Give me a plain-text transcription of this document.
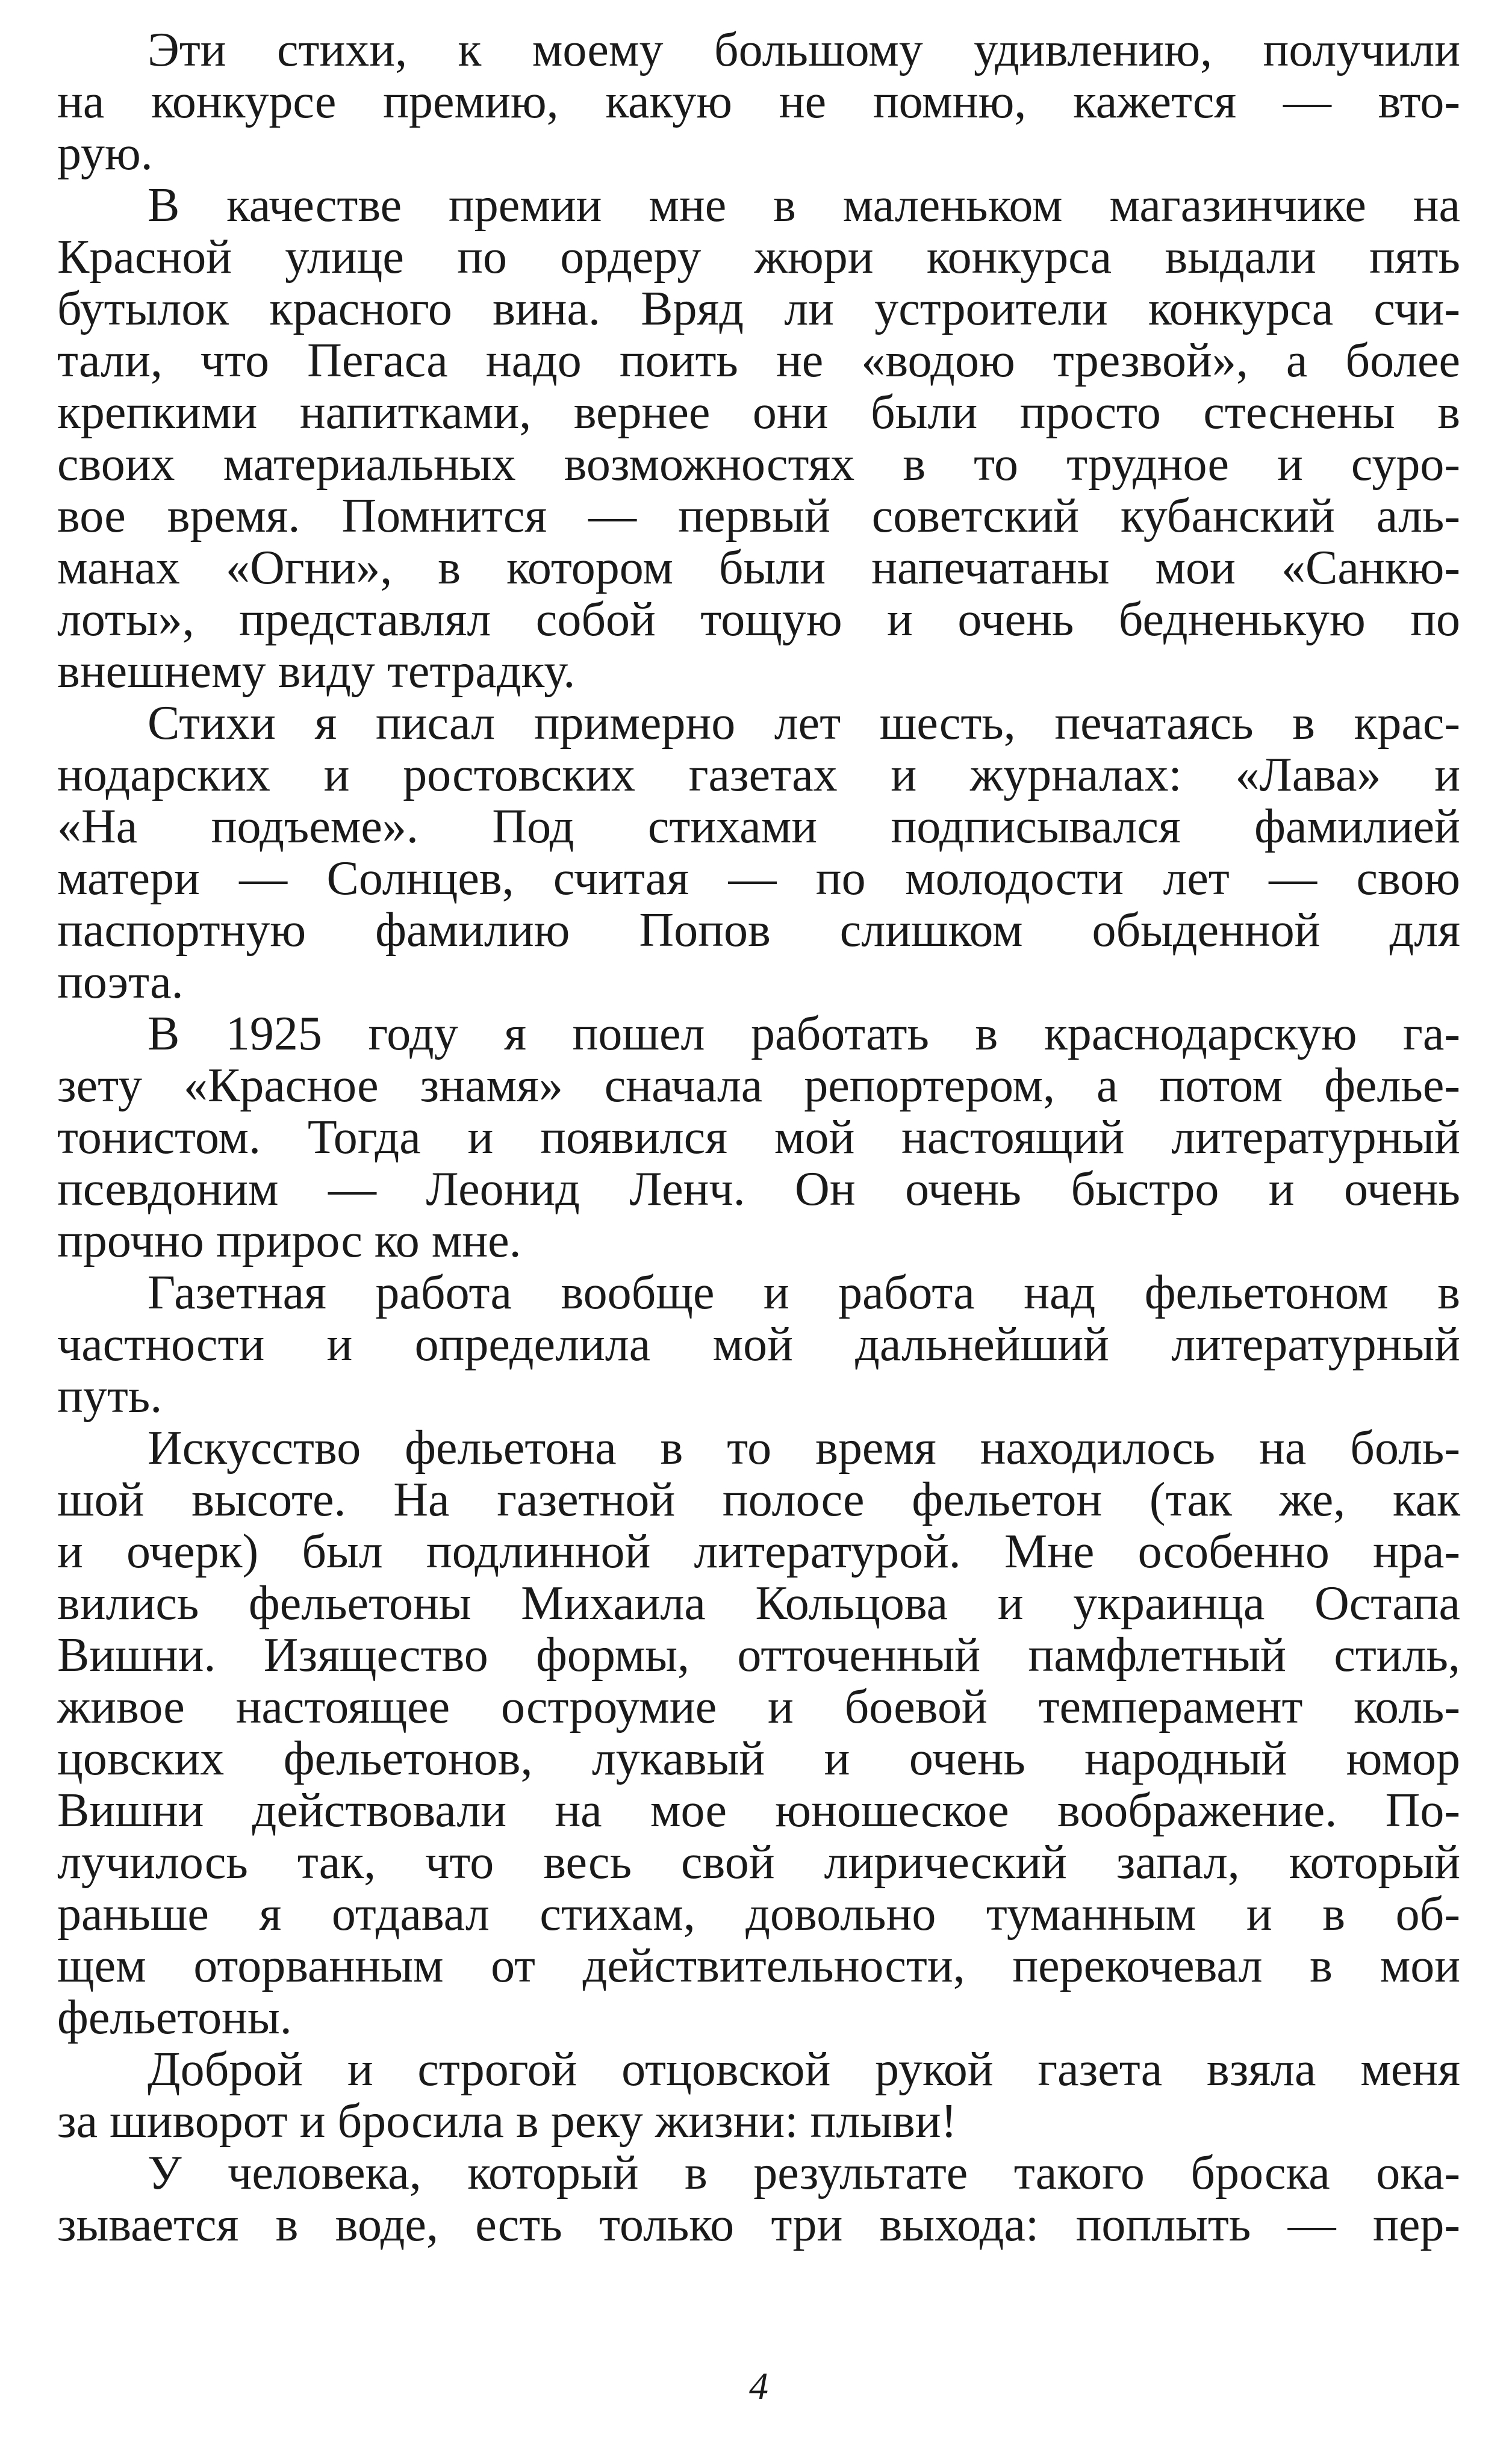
Эти стихи, к моему большому удивлению, получили
на конкурсе премию, какую не помню, кажется — вто-
рую.

В качестве премии мне в маленьком магазинчике на
Красной улице по ордеру жюри конкурса выдали пять
бутылок красного вина. Вряд ли устроители конкурса счи-
тали, что Пегаса надо поить не «водою трезвой», а более
крепкими напитками, вернее они были просто стеснены в
своих материальных возможностях в то трудное и суро-
вое время. Помнится — первый советский кубанский аль-
манах «Огни», в котором были напечатаны мои «Санкю-
лоты», представлял собой тощую и очень бедненькую по
внешнему виду тетрадку.

Стихи я писал примерно лет шесть, печатаясь в крас-
нодарских и ростовских газетах и журналах: «Лава» и
«На подъеме». Под стихами подписывался фамилией
матери — Солнцев, считая — по молодости лет — свою
паспортную фамилию Попов слишком обыденной для
поэта.

В 1925 году я пошел работать в краснодарскую га-
зету «Красное знамя» сначала репортером, а потом фелье-
тонистом. Тогда и появился мой настоящий литературный
псевдоним — Леонид Ленч. Он очень быстро и очень
прочно прирос ко мне.

Газетная работа вообще и работа над фельетоном в
частности и определила мой дальнейший литературный
путь.

Искусство фельетона в то время находилось на боль-
шой высоте. На газетной полосе фельетон (так же, как
и очерк) был подлинной литературой. Мне особенно нра-
вились фельетоны Михаила Кольцова и украинца Остапа
Вишни. Изящество формы, отточенный памфлетный стиль,
живое настоящее остроумие и боевой темперамент коль-
цовских фельетонов, лукавый и очень народный юмор
Вишни действовали на мое юношеское воображение. По-
лучилось так, что весь свой лирический запал, который
раньше я отдавал стихам, довольно туманным и в об-
щем оторванным от действительности, перекочевал в мои
фельетоны.

Доброй и строгой отцовской рукой газета взяла меня
за шиворот и бросила в реку жизни: плыви!

У человека, который в результате такого броска ока-
зывается в воде, есть только три выхода: поплыть — пер-

4
